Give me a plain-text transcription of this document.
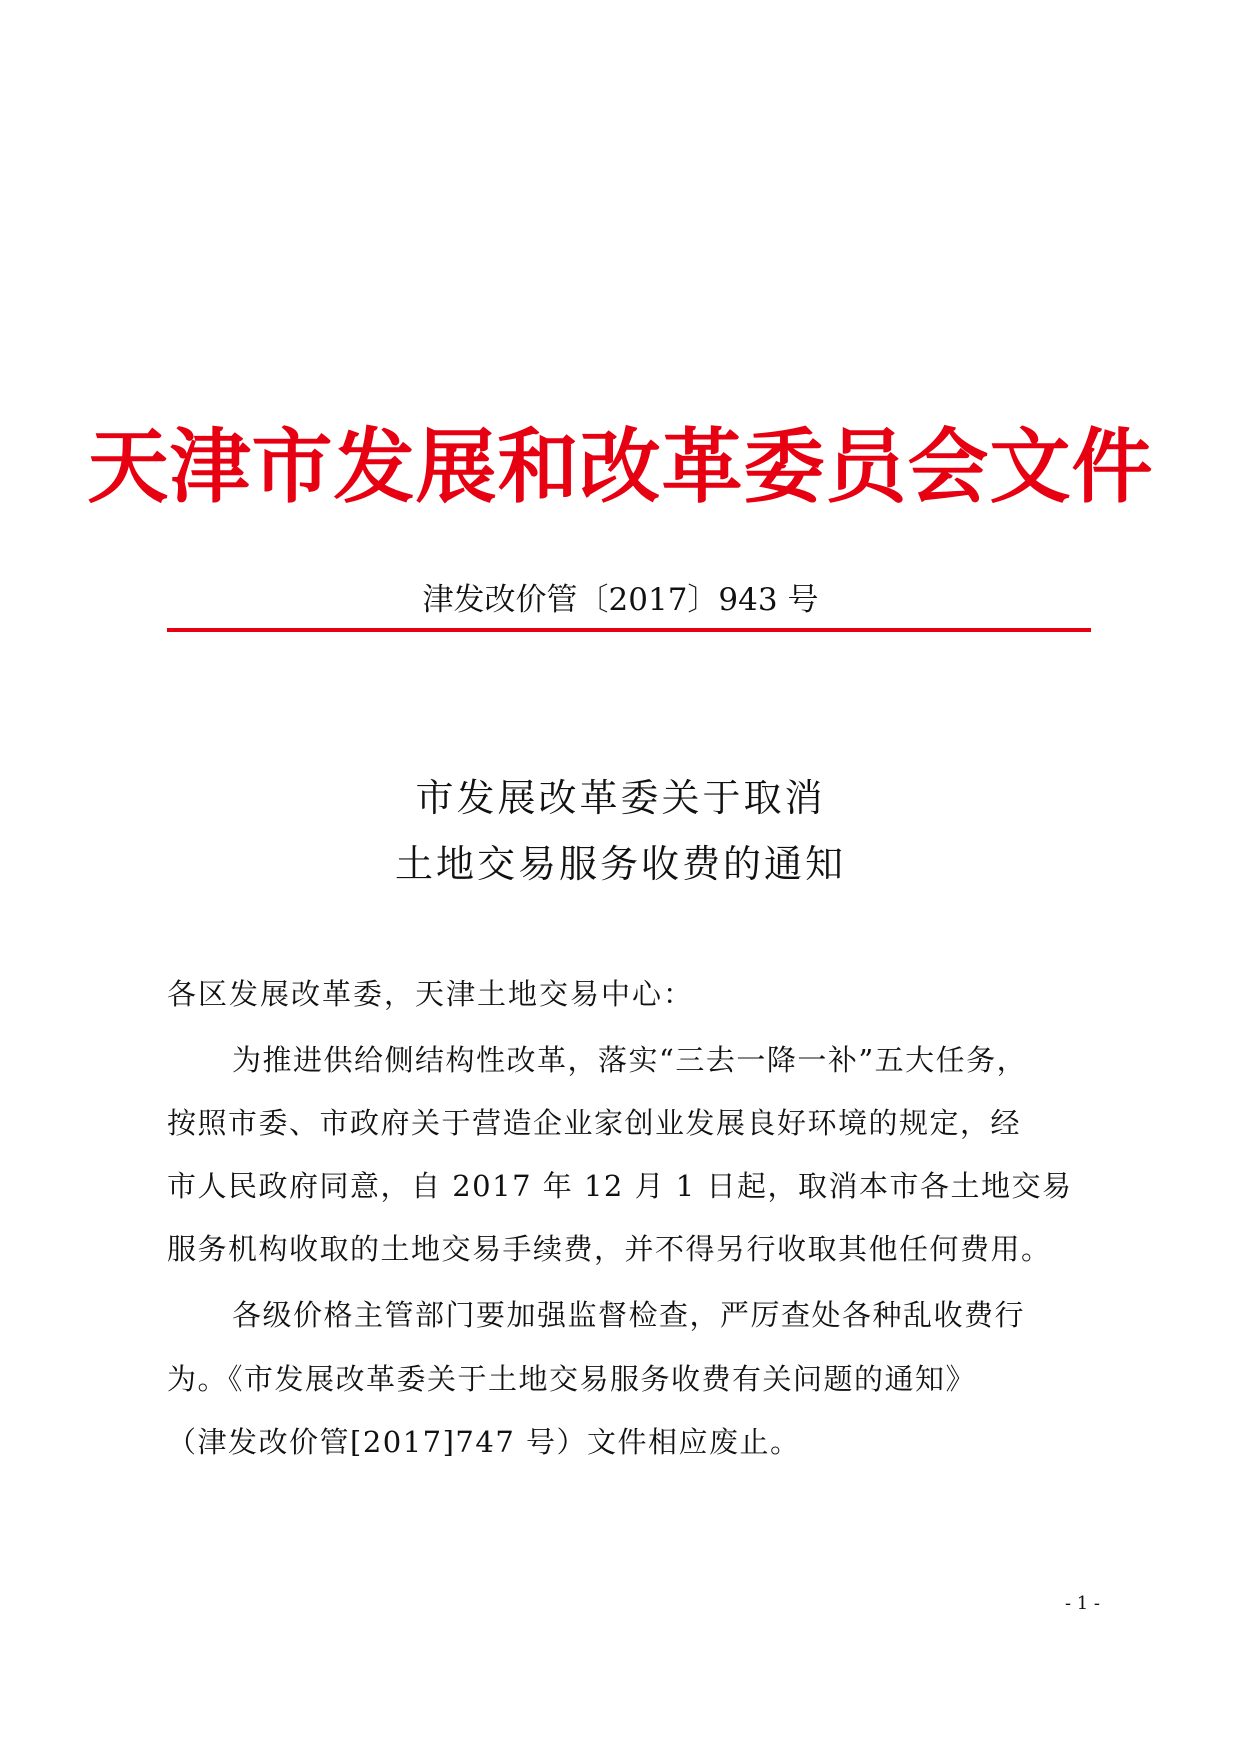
天津市发展和改革委员会文件
津发改价管〔2017〕943 号
市发展改革委关于取消
土地交易服务收费的通知
各区发展改革委，天津土地交易中心：
为推进供给侧结构性改革，落实“三去一降一补”五大任务，
按照市委、市政府关于营造企业家创业发展良好环境的规定，经
市人民政府同意，自 2017 年 12 月 1 日起，取消本市各土地交易
服务机构收取的土地交易手续费，并不得另行收取其他任何费用。
各级价格主管部门要加强监督检查，严厉查处各种乱收费行
为。《市发展改革委关于土地交易服务收费有关问题的通知》
（津发改价管[2017]747 号）文件相应废止。
- 1 -
